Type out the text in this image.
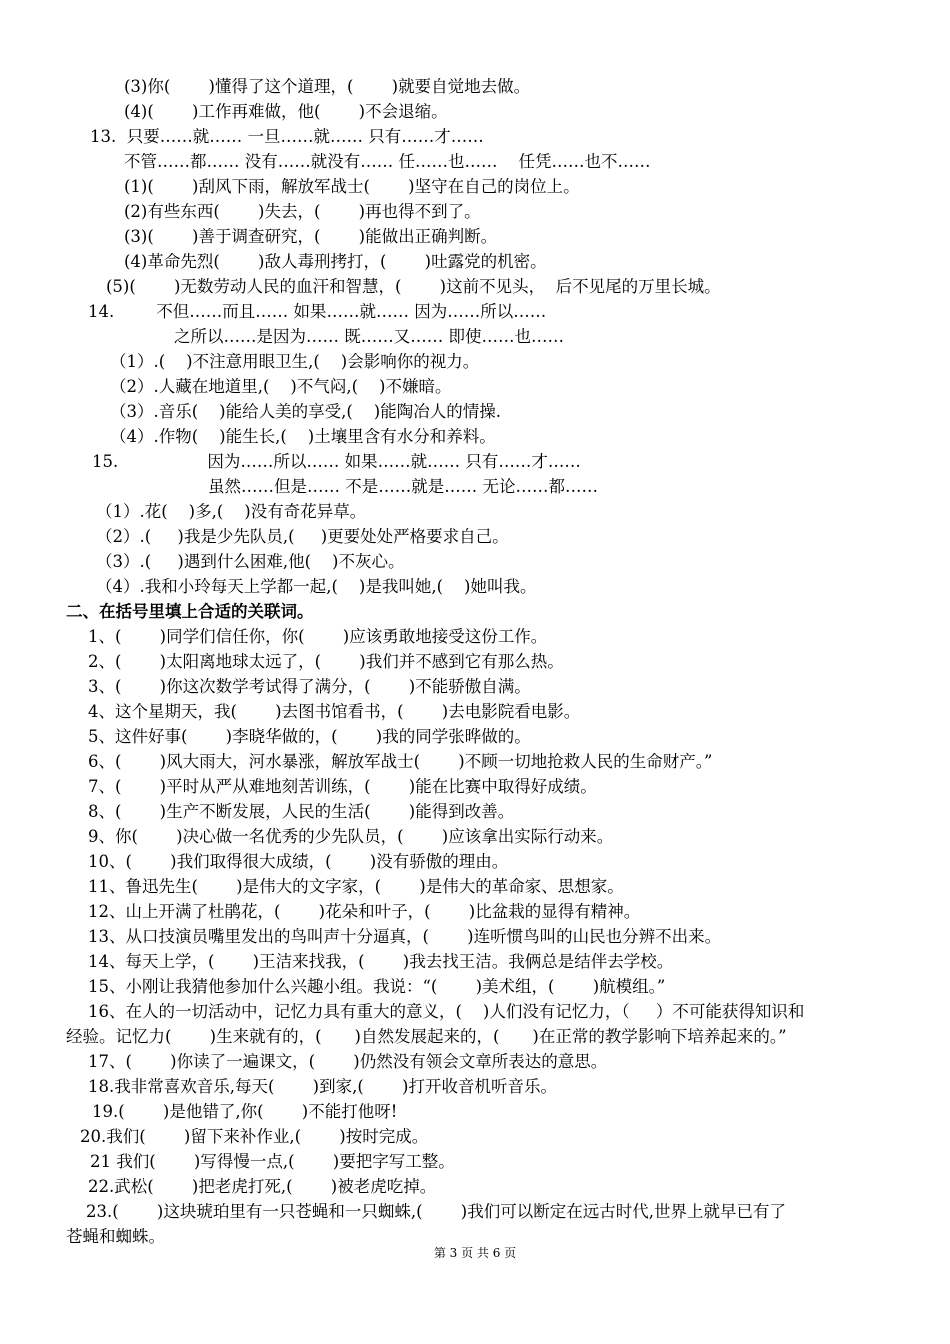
(3)你(　　 )懂得了这个道理，(　　 )就要自觉地去做。
(4)(　　 )工作再难做，他(　　 )不会退缩。
13.  只要……就…… 一旦……就…… 只有……才……
不管……都…… 没有……就没有…… 任……也……    任凭……也不……
(1)(　　 )刮风下雨，解放军战士(　　 )坚守在自己的岗位上。
(2)有些东西(　　 )失去，(　　 )再也得不到了。
(3)(　　 )善于调查研究，(　　 )能做出正确判断。
(4)革命先烈(　　 )敌人毒刑拷打，(　　 )吐露党的机密。
(5)(　　 )无数劳动人民的血汗和智慧，(　　 )这前不见头，  后不见尾的万里长城。
14.        不但……而且…… 如果……就…… 因为……所以……
之所以……是因为…… 既……又…… 即使……也……
（1）.(    )不注意用眼卫生,(    )会影响你的视力。
（2）.人藏在地道里,(    )不气闷,(    )不嫌暗。
（3）.音乐(    )能给人美的享受,(    )能陶冶人的情操.
（4）.作物(    )能生长,(    )土壤里含有水分和养料。
15.                 因为……所以…… 如果……就…… 只有……才……
虽然……但是…… 不是……就是…… 无论……都……
（1）.花(    )多,(    )没有奇花异草。
（2）.(     )我是少先队员,(     )更要处处严格要求自己。
（3）.(     )遇到什么困难,他(    )不灰心。
（4）.我和小玲每天上学都一起,(    )是我叫她,(    )她叫我。
二、在括号里填上合适的关联词。
1、(　　 )同学们信任你，你(　　 )应该勇敢地接受这份工作。
2、(　　 )太阳离地球太远了，(　　 )我们并不感到它有那么热。
3、(　　 )你这次数学考试得了满分，(　　 )不能骄傲自满。
4、这个星期天，我(　　 )去图书馆看书，(　　 )去电影院看电影。
5、这件好事(　　 )李晓华做的，(　　 )我的同学张晔做的。
6、(　　 )风大雨大，河水暴涨，解放军战士(　　 )不顾一切地抢救人民的生命财产。”
7、(　　 )平时从严从难地刻苦训练，(　　 )能在比赛中取得好成绩。
8、(　　 )生产不断发展，人民的生活(　　 )能得到改善。
9、你(　　 )决心做一名优秀的少先队员，(　　 )应该拿出实际行动来。
10、(　　 )我们取得很大成绩，(　　 )没有骄傲的理由。
11、鲁迅先生(　　 )是伟大的文字家，(　　 )是伟大的革命家、思想家。
12、山上开满了杜鹃花，(　　 )花朵和叶子，(　　 )比盆栽的显得有精神。
13、从口技演员嘴里发出的鸟叫声十分逼真，(　　 )连听惯鸟叫的山民也分辨不出来。
14、每天上学，(　　 )王洁来找我，(　　 )我去找王洁。我俩总是结伴去学校。
15、小刚让我猜他参加什么兴趣小组。我说：“(　　 )美术组，(　　 )航模组。”
16、在人的一切活动中，记忆力具有重大的意义，(    )人们没有记忆力，（     ）不可能获得知识和
经验。记忆力(　　 )生来就有的，(　　)自然发展起来的，(　　)在正常的教学影响下培养起来的。”
17、(　　 )你读了一遍课文，(　　 )仍然没有领会文章所表达的意思。
18.我非常喜欢音乐,每天(　　 )到家,(　　 )打开收音机听音乐。
19.(　　 )是他错了,你(　　 )不能打他呀!
20.我们(　　 )留下来补作业,(　　 )按时完成。
21 我们(　　 )写得慢一点,(　　 )要把字写工整。
22.武松(　　 )把老虎打死,(　　 )被老虎吃掉。
23.(　　 )这块琥珀里有一只苍蝇和一只蜘蛛,(　　 )我们可以断定在远古时代,世界上就早已有了
苍蝇和蜘蛛。
第 3 页 共 6 页
